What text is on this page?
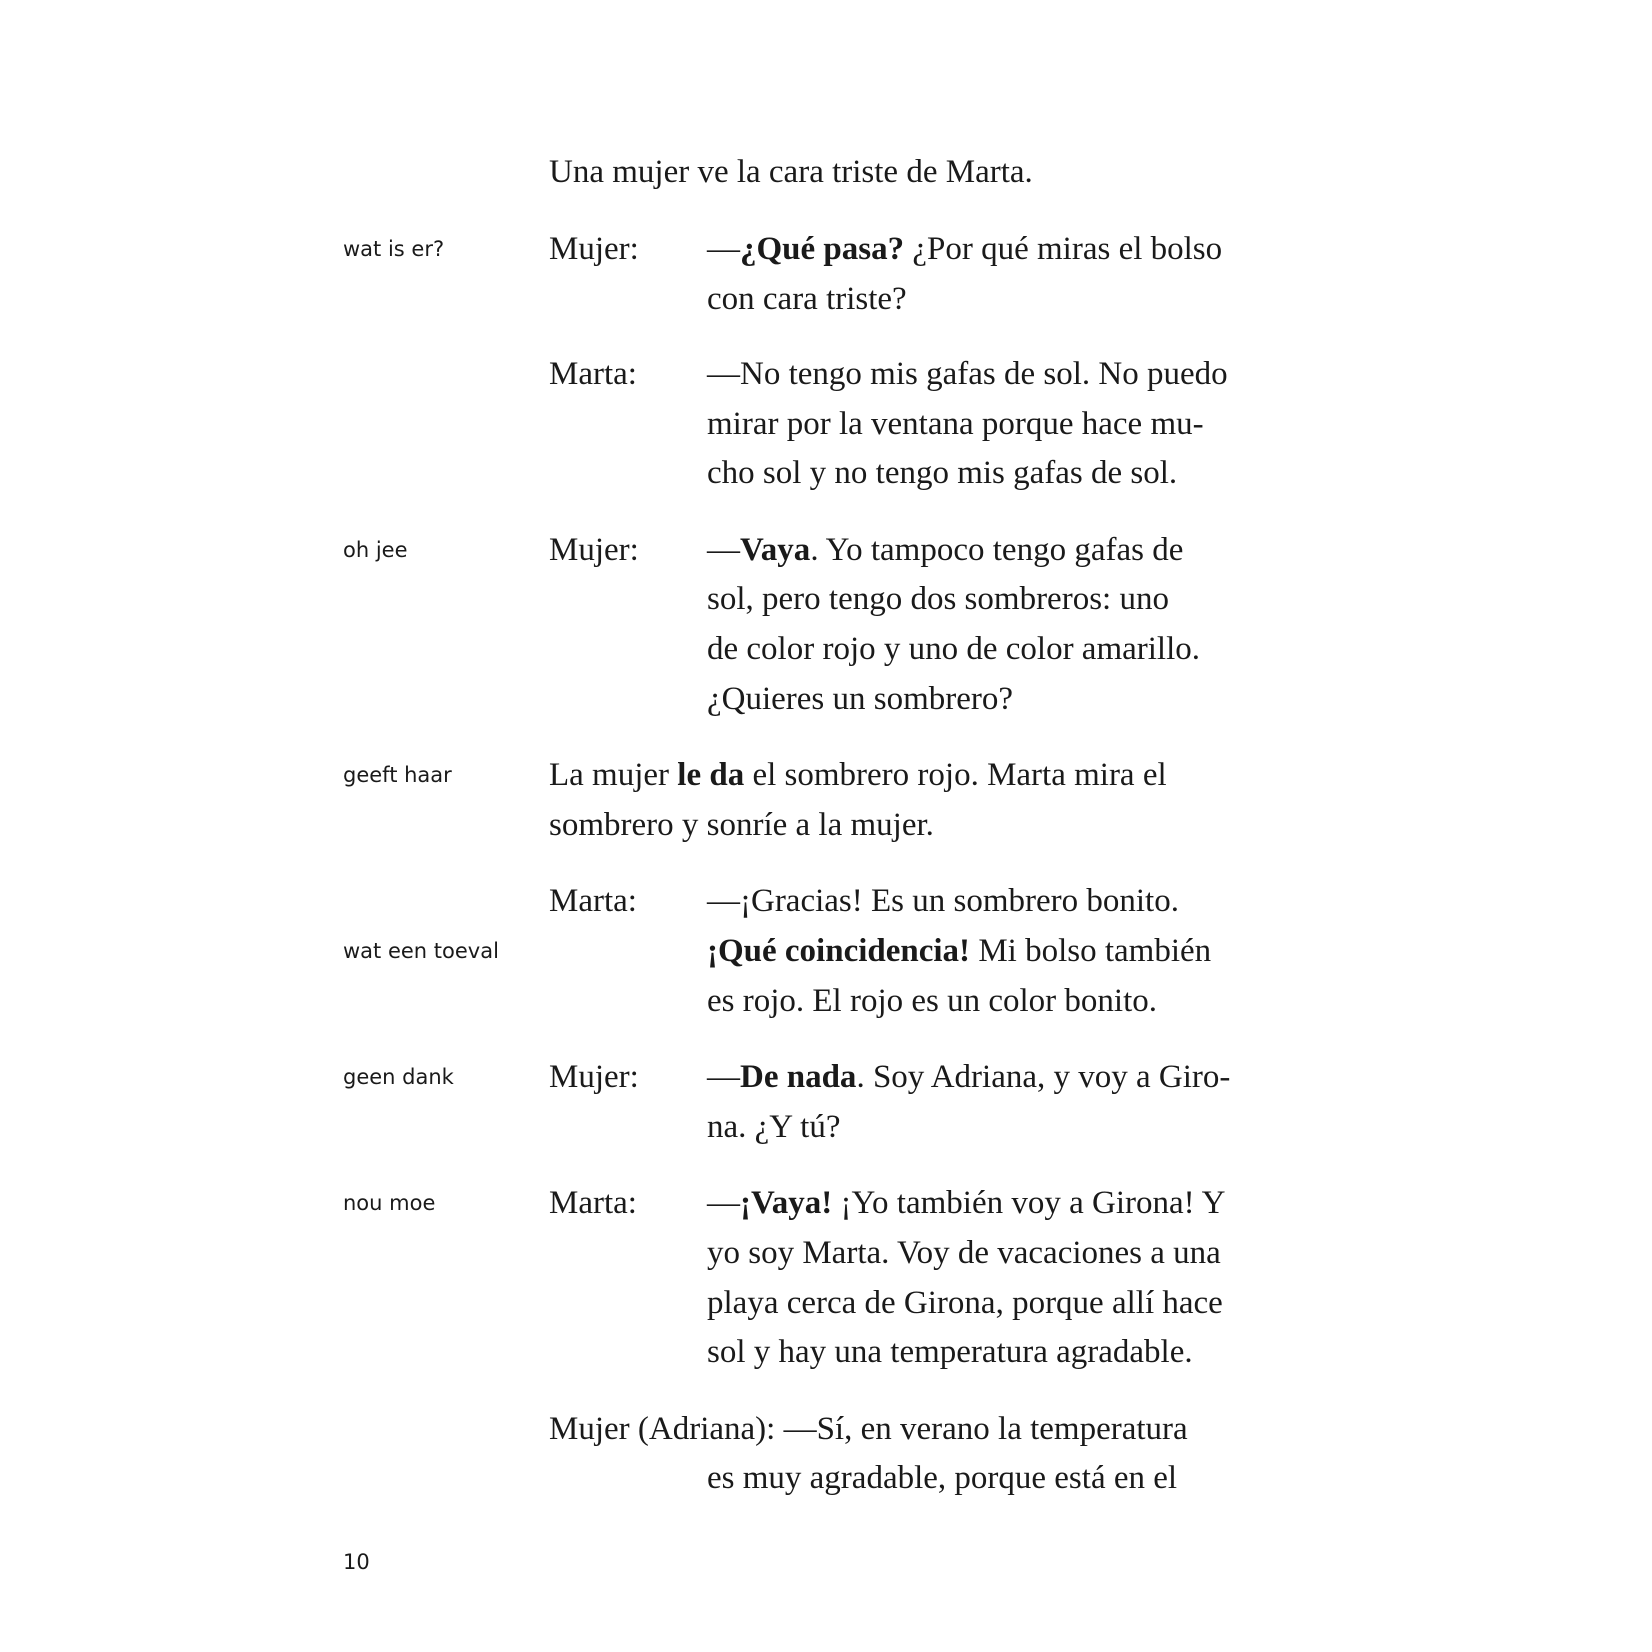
Una mujer ve la cara triste de Marta.
wat is er?	Mujer: —¿Qué pasa? ¿Por qué miras el bolso
con cara triste?
Marta: —No tengo mis gafas de sol. No puedo
mirar por la ventana porque hace mu-
cho sol y no tengo mis gafas de sol.
oh jee	Mujer: —Vaya. Yo tampoco tengo gafas de
sol, pero tengo dos sombreros: uno
de color rojo y uno de color amarillo.
¿Quieres un sombrero?
geeft haar	La mujer le da el sombrero rojo. Marta mira el
sombrero y sonríe a la mujer.
Marta: —¡Gracias! Es un sombrero bonito.
wat een toeval	¡Qué coincidencia! Mi bolso también
es rojo. El rojo es un color bonito.
geen dank	Mujer: —De nada. Soy Adriana, y voy a Giro-
na. ¿Y tú?
nou moe	Marta: —¡Vaya! ¡Yo también voy a Girona! Y
yo soy Marta. Voy de vacaciones a una
playa cerca de Girona, porque allí hace
sol y hay una temperatura agradable.
Mujer (Adriana): —Sí, en verano la temperatura
es muy agradable, porque está en el
10
